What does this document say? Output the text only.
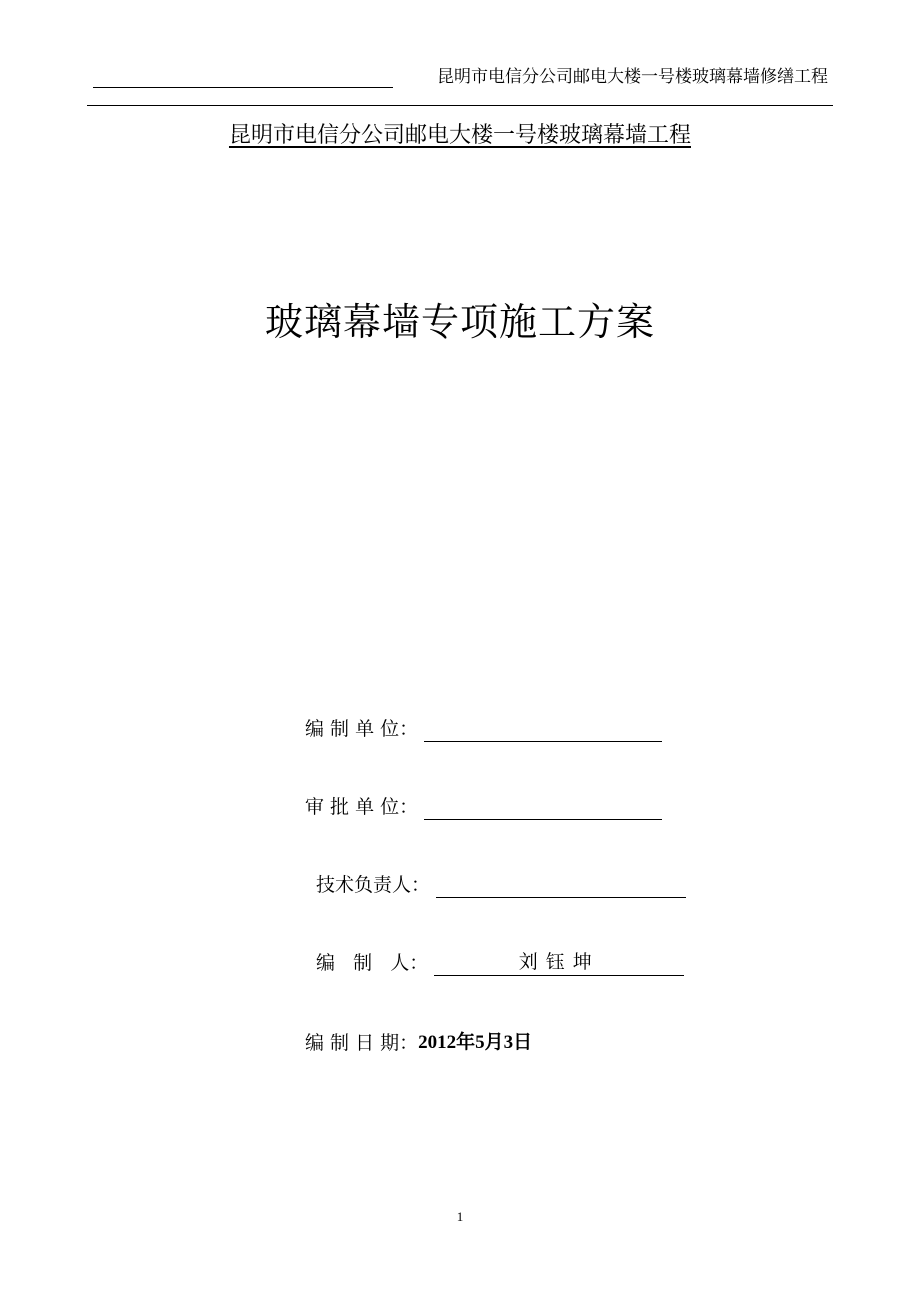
昆明市电信分公司邮电大楼一号楼玻璃幕墙修缮工程
昆明市电信分公司邮电大楼一号楼玻璃幕墙工程
玻璃幕墙专项施工方案
编 制 单 位：
审 批 单 位：
技术负责人：
编   制   人：	刘钰坤
编 制 日 期： 2012年5月3日
1
